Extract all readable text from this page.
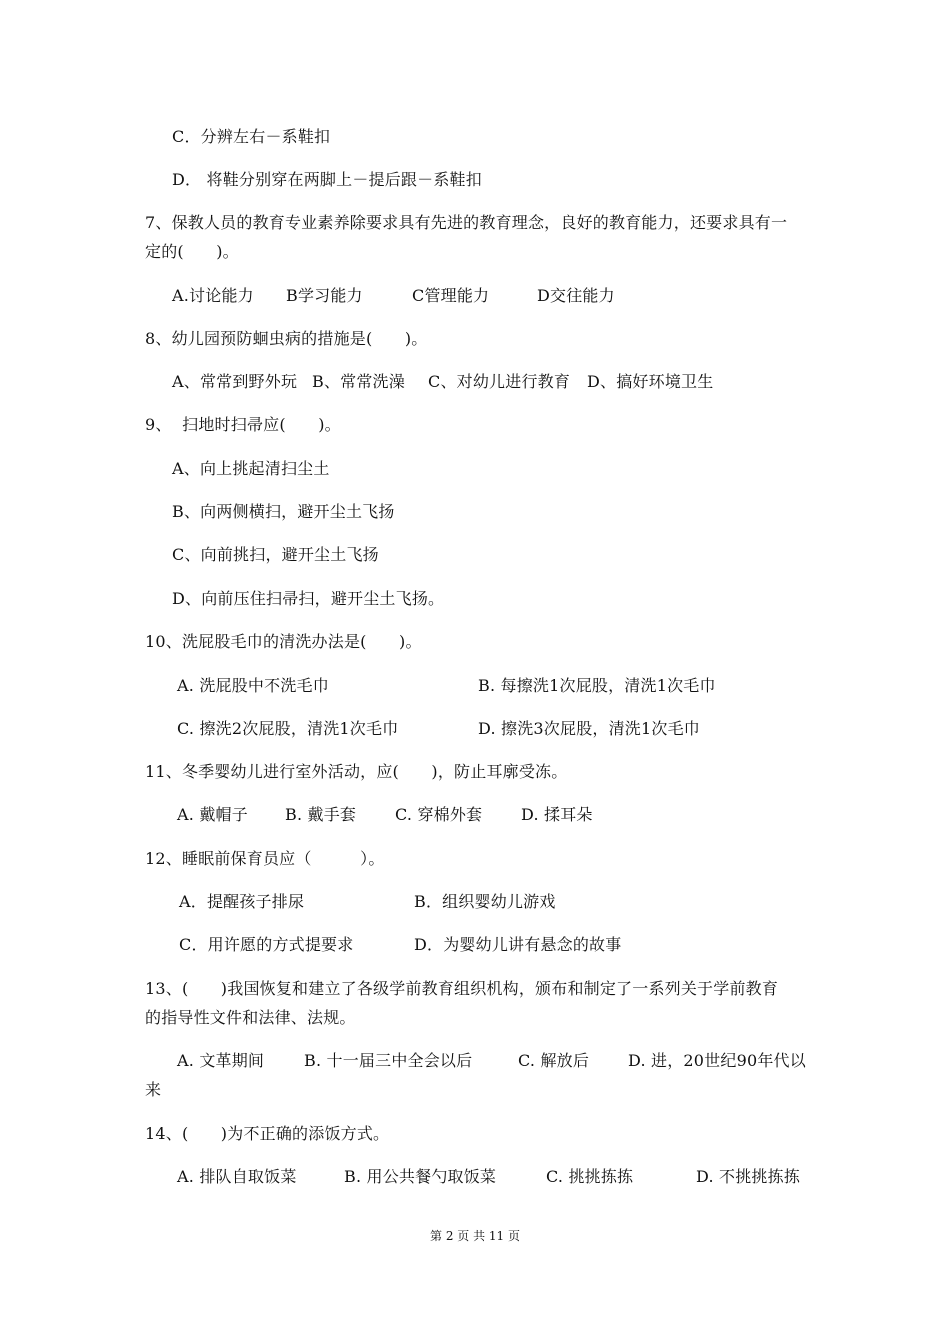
C．分辨左右－系鞋扣
D． 将鞋分别穿在两脚上－提后跟－系鞋扣
7、保教人员的教育专业素养除要求具有先进的教育理念，良好的教育能力，还要求具有一
定的(　　)。
A.讨论能力 B学习能力	C管理能力	D交往能力
8、幼儿园预防蛔虫病的措施是(　　)。
A、常常到野外玩 B、常常洗澡 C、对幼儿进行教育 D、搞好环境卫生
9、  扫地时扫帚应(　　)。
A、向上挑起清扫尘土
B、向两侧横扫，避开尘土飞扬
C、向前挑扫，避开尘土飞扬
D、向前压住扫帚扫，避开尘土飞扬。
10、洗屁股毛巾的清洗办法是(　　)。
A. 洗屁股中不洗毛巾	B. 每擦洗1次屁股，清洗1次毛巾
C. 擦洗2次屁股，清洗1次毛巾	D. 擦洗3次屁股，清洗1次毛巾
11、冬季婴幼儿进行室外活动，应(　　)，防止耳廓受冻。
A. 戴帽子 B. 戴手套 C. 穿棉外套 D. 揉耳朵
12、睡眠前保育员应（　　　）。
A．提醒孩子排尿	B．组织婴幼儿游戏
C．用许愿的方式提要求	D．为婴幼儿讲有悬念的故事
13、(　　)我国恢复和建立了各级学前教育组织机构，颁布和制定了一系列关于学前教育
的指导性文件和法律、法规。
A. 文革期间 B. 十一届三中全会以后	C. 解放后 D. 进，20世纪90年代以
来
14、(　　)为不正确的添饭方式。
A. 排队自取饭菜	B. 用公共餐勺取饭菜	C. 挑挑拣拣	D. 不挑挑拣拣
第 2 页 共 11 页
